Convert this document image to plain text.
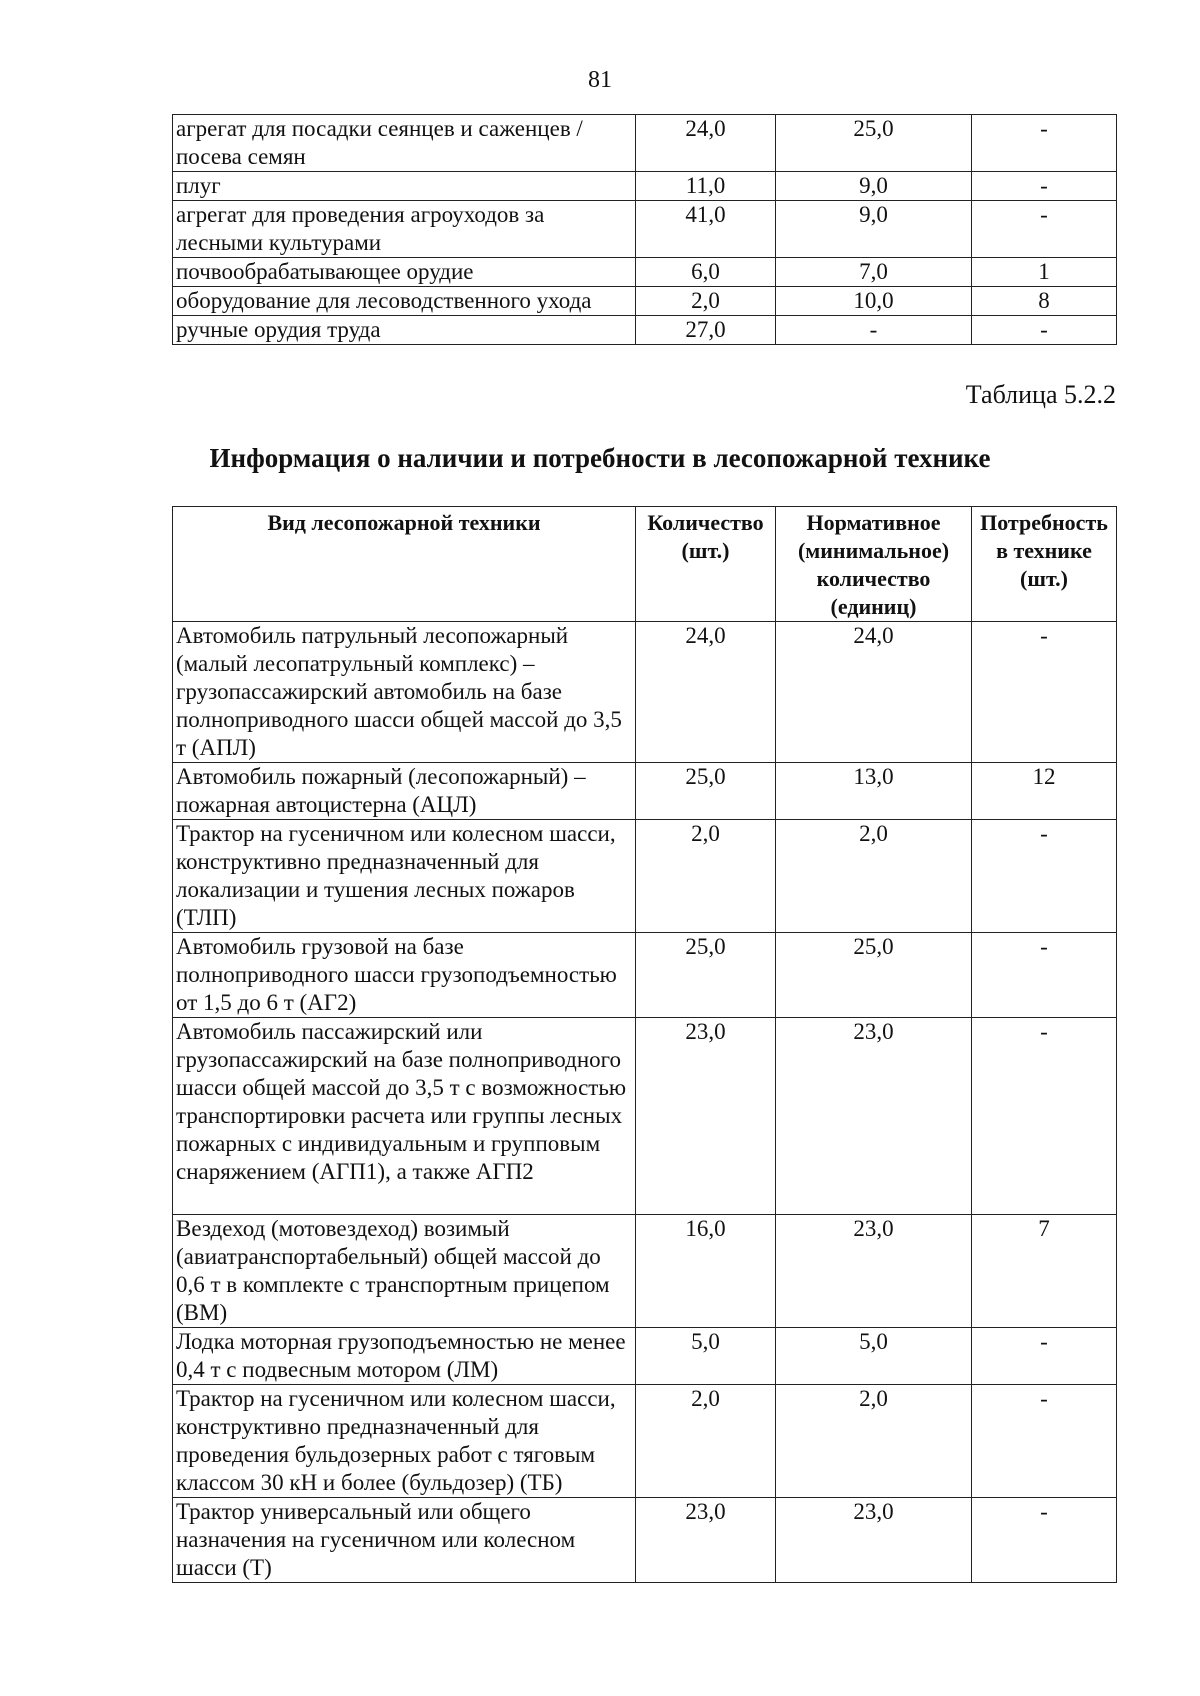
81
агрегат для посадки сеянцев и саженцев / посева семян	24,0	25,0	-
плуг	11,0	9,0	-
агрегат для проведения агроуходов за лесными культурами	41,0	9,0	-
почвообрабатывающее орудие	6,0	7,0	1
оборудование для лесоводственного ухода	2,0	10,0	8
ручные орудия труда	27,0	-	-
Таблица 5.2.2
Информация о наличии и потребности в лесопожарной технике
Вид лесопожарной техники	Количество (шт.)	Нормативное (минимальное) количество (единиц)	Потребность в технике (шт.)
Автомобиль патрульный лесопожарный (малый лесопатрульный комплекс) – грузопассажирский автомобиль на базе полноприводного шасси общей массой до 3,5 т (АПЛ)	24,0	24,0	-
Автомобиль пожарный (лесопожарный) – пожарная автоцистерна (АЦЛ)	25,0	13,0	12
Трактор на гусеничном или колесном шасси, конструктивно предназначенный для локализации и тушения лесных пожаров (ТЛП)	2,0	2,0	-
Автомобиль грузовой на базе полноприводного шасси грузоподъемностью от 1,5 до 6 т (АГ2)	25,0	25,0	-
Автомобиль пассажирский или грузопассажирский на базе полноприводного шасси общей массой до 3,5 т с возможностью транспортировки расчета или группы лесных пожарных с индивидуальным и групповым снаряжением (АГП1), а также АГП2	23,0	23,0	-
Вездеход (мотовездеход) возимый (авиатранспортабельный) общей массой до 0,6 т в комплекте с транспортным прицепом (ВМ)	16,0	23,0	7
Лодка моторная грузоподъемностью не менее 0,4 т с подвесным мотором (ЛМ)	5,0	5,0	-
Трактор на гусеничном или колесном шасси, конструктивно предназначенный для проведения бульдозерных работ с тяговым классом 30 кН и более (бульдозер) (ТБ)	2,0	2,0	-
Трактор универсальный или общего назначения на гусеничном или колесном шасси (Т)	23,0	23,0	-
